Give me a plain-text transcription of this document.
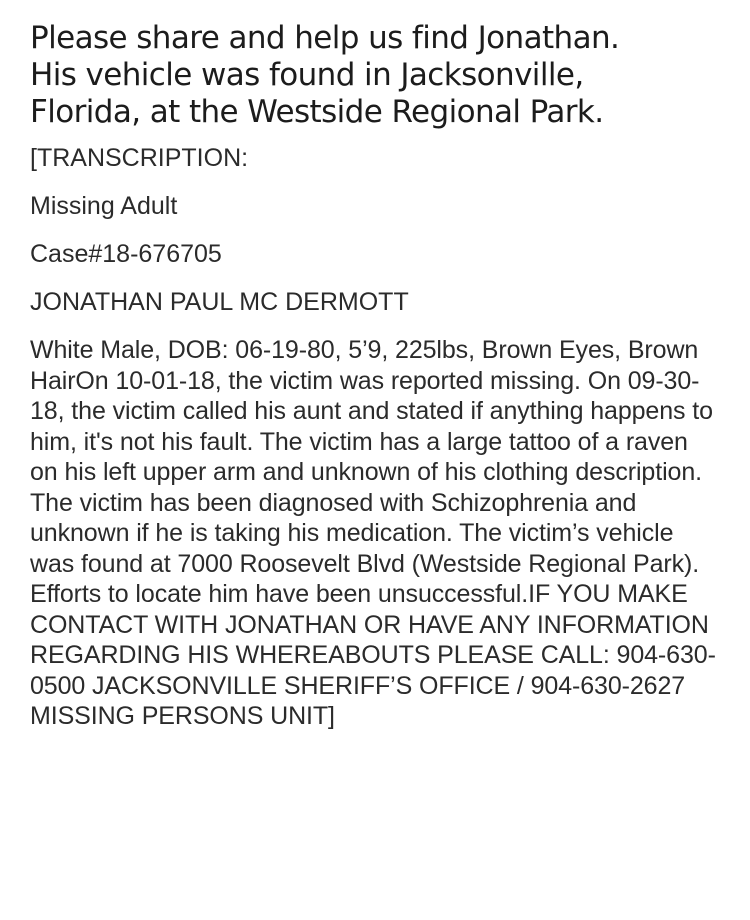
Please share and help us find Jonathan.
His vehicle was found in Jacksonville,
Florida, at the Westside Regional Park.

[TRANSCRIPTION:

Missing Adult

Case#18-676705

JONATHAN PAUL MC DERMOTT

White Male, DOB: 06-19-80, 5’9, 225lbs, Brown Eyes, Brown HairOn 10-01-18, the victim was reported missing. On 09-30-18, the victim called his aunt and stated if anything happens to him, it's not his fault. The victim has a large tattoo of a raven on his left upper arm and unknown of his clothing description. The victim has been diagnosed with Schizophrenia and unknown if he is taking his medication. The victim’s vehicle was found at 7000 Roosevelt Blvd (Westside Regional Park). Efforts to locate him have been unsuccessful.IF YOU MAKE CONTACT WITH JONATHAN OR HAVE ANY INFORMATION REGARDING HIS WHEREABOUTS PLEASE CALL: 904-630-0500 JACKSONVILLE SHERIFF’S OFFICE / 904-630-2627 MISSING PERSONS UNIT]
